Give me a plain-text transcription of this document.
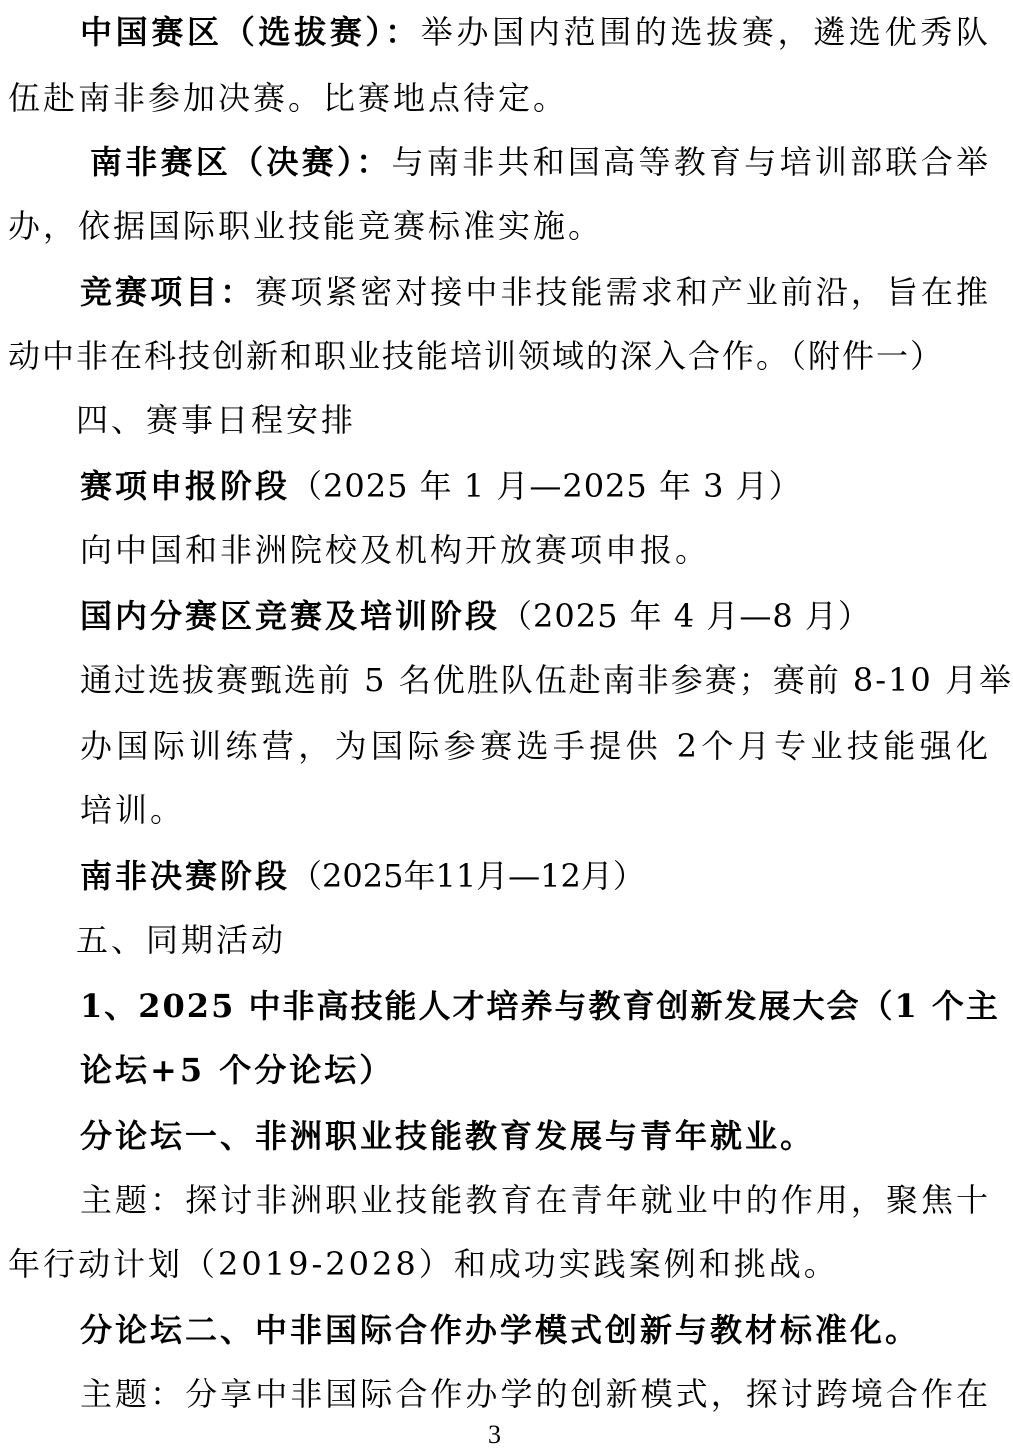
中国赛区（选拔赛）：举办国内范围的选拔赛，遴选优秀队
伍赴南非参加决赛。比赛地点待定。
南非赛区（决赛）：与南非共和国高等教育与培训部联合举
办，依据国际职业技能竞赛标准实施。
竞赛项目：赛项紧密对接中非技能需求和产业前沿，旨在推
动中非在科技创新和职业技能培训领域的深入合作。（附件一）
四、赛事日程安排
赛项申报阶段（2025 年 1 月—2025 年 3 月）
向中国和非洲院校及机构开放赛项申报。
国内分赛区竞赛及培训阶段（2025 年 4 月—8 月）
通过选拔赛甄选前 5 名优胜队伍赴南非参赛；赛前 8-10 月举
办国际训练营，为国际参赛选手提供 2个月专业技能强化
培训。
南非决赛阶段（2025年11月—12月）
五、同期活动
1、2025 中非高技能人才培养与教育创新发展大会（1 个主
论坛+5 个分论坛）
分论坛一、非洲职业技能教育发展与青年就业。
主题：探讨非洲职业技能教育在青年就业中的作用，聚焦十
年行动计划（2019-2028）和成功实践案例和挑战。
分论坛二、中非国际合作办学模式创新与教材标准化。
主题：分享中非国际合作办学的创新模式，探讨跨境合作在
3
